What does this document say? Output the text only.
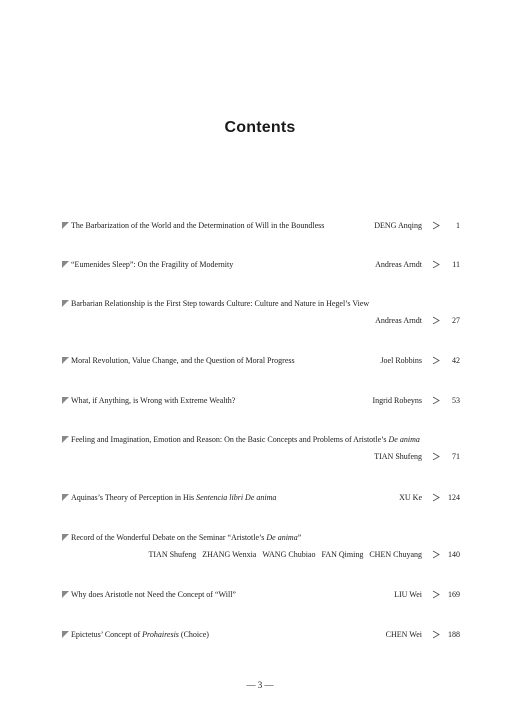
Contents
The Barbarization of the World and the Determination of Will in the Boundless	DENG Anqing	1
“Eumenides Sleep”: On the Fragility of Modernity	Andreas Arndt	11
Barbarian Relationship is the First Step towards Culture: Culture and Nature in Hegel’s View
Andreas Arndt	27
Moral Revolution, Value Change, and the Question of Moral Progress	Joel Robbins	42
What, if Anything, is Wrong with Extreme Wealth?	Ingrid Robeyns	53
Feeling and Imagination, Emotion and Reason: On the Basic Concepts and Problems of Aristotle’s De anima
TIAN Shufeng	71
Aquinas’s Theory of Perception in His Sentencia libri De anima	XU Ke	124
Record of the Wonderful Debate on the Seminar “Aristotle’s De anima”
TIAN Shufeng ZHANG Wenxia WANG Chubiao FAN Qiming CHEN Chuyang	140
Why does Aristotle not Need the Concept of “Will”	LIU Wei	169
Epictetus’ Concept of Prohairesis (Choice)	CHEN Wei	188
— 3 —
